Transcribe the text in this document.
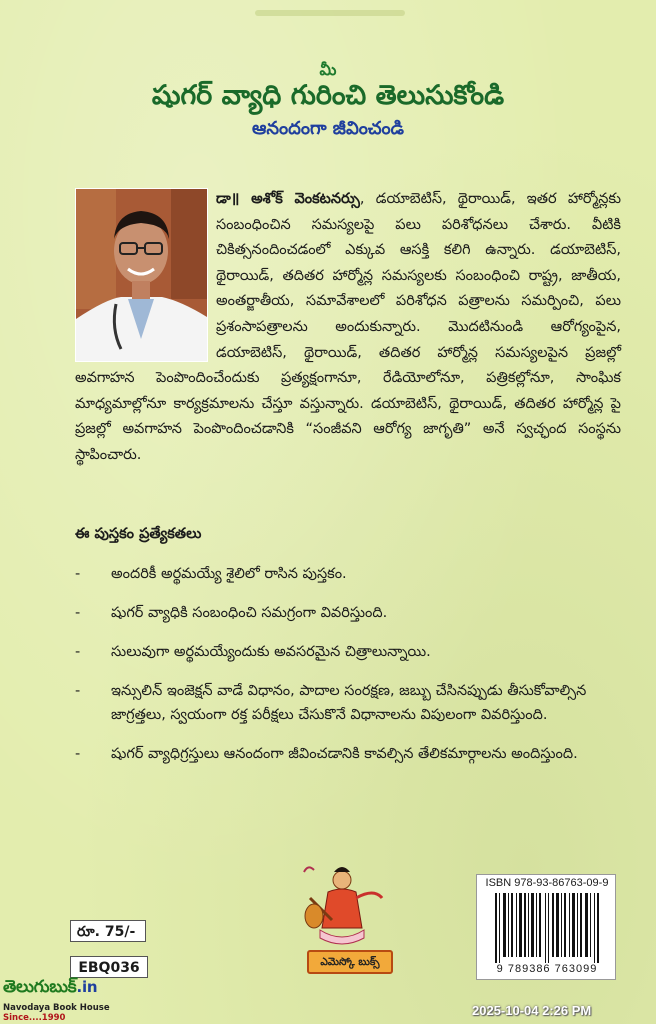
మీ
షుగర్ వ్యాధి గురించి తెలుసుకోండి
ఆనందంగా జీవించండి
డా॥ అశోక్ వెంకటనర్సు, డయాబెటిస్, థైరాయిడ్, ఇతర హార్మోన్లకు సంబంధించిన సమస్యలపై పలు పరిశోధనలు చేశారు. వీటికి చికిత్సనందించడంలో ఎక్కువ ఆసక్తి కలిగి ఉన్నారు. డయాబెటిస్, థైరాయిడ్, తదితర హార్మోన్ల సమస్యలకు సంబంధించి రాష్ట్ర, జాతీయ, అంతర్జాతీయ, సమావేశాలలో పరిశోధన పత్రాలను సమర్పించి, పలు ప్రశంసాపత్రాలను అందుకున్నారు. మొదటినుండి ఆరోగ్యంపైన, డయాబెటిస్, థైరాయిడ్, తదితర హార్మోన్ల సమస్యలపైన ప్రజల్లో అవగాహన పెంపొందించేందుకు ప్రత్యక్షంగానూ, రేడియోలోనూ, పత్రికల్లోనూ, సాంఘిక మాధ్యమాల్లోనూ కార్యక్రమాలను చేస్తూ వస్తున్నారు. డయాబెటిస్, థైరాయిడ్, తదితర హార్మోన్ల పై ప్రజల్లో అవగాహన పెంపొందించడానికి “సంజీవని ఆరోగ్య జాగృతి” అనే స్వచ్ఛంద సంస్థను స్థాపించారు.
ఈ పుస్తకం ప్రత్యేకతలు
- అందరికీ అర్థమయ్యే శైలిలో రాసిన పుస్తకం.
- షుగర్ వ్యాధికి సంబంధించి సమగ్రంగా వివరిస్తుంది.
- సులువుగా అర్థమయ్యేందుకు అవసరమైన చిత్రాలున్నాయి.
- ఇన్సులిన్ ఇంజెక్షన్ వాడే విధానం, పాదాల సంరక్షణ, జబ్బు చేసినప్పుడు తీసుకోవాల్సిన జాగ్రత్తలు, స్వయంగా రక్త పరీక్షలు చేసుకొనే విధానాలను విపులంగా వివరిస్తుంది.
- షుగర్ వ్యాధిగ్రస్తులు ఆనందంగా జీవించడానికి కావల్సిన తేలికమార్గాలను అందిస్తుంది.
రూ. 75/-
EBQ036
తెలుగుబుక్.in
Navodaya Book House
Since....1990
ఎమెస్కో బుక్స్
ISBN 978-93-86763-09-9
9 789386 763099
2025-10-04 2:26 PM
